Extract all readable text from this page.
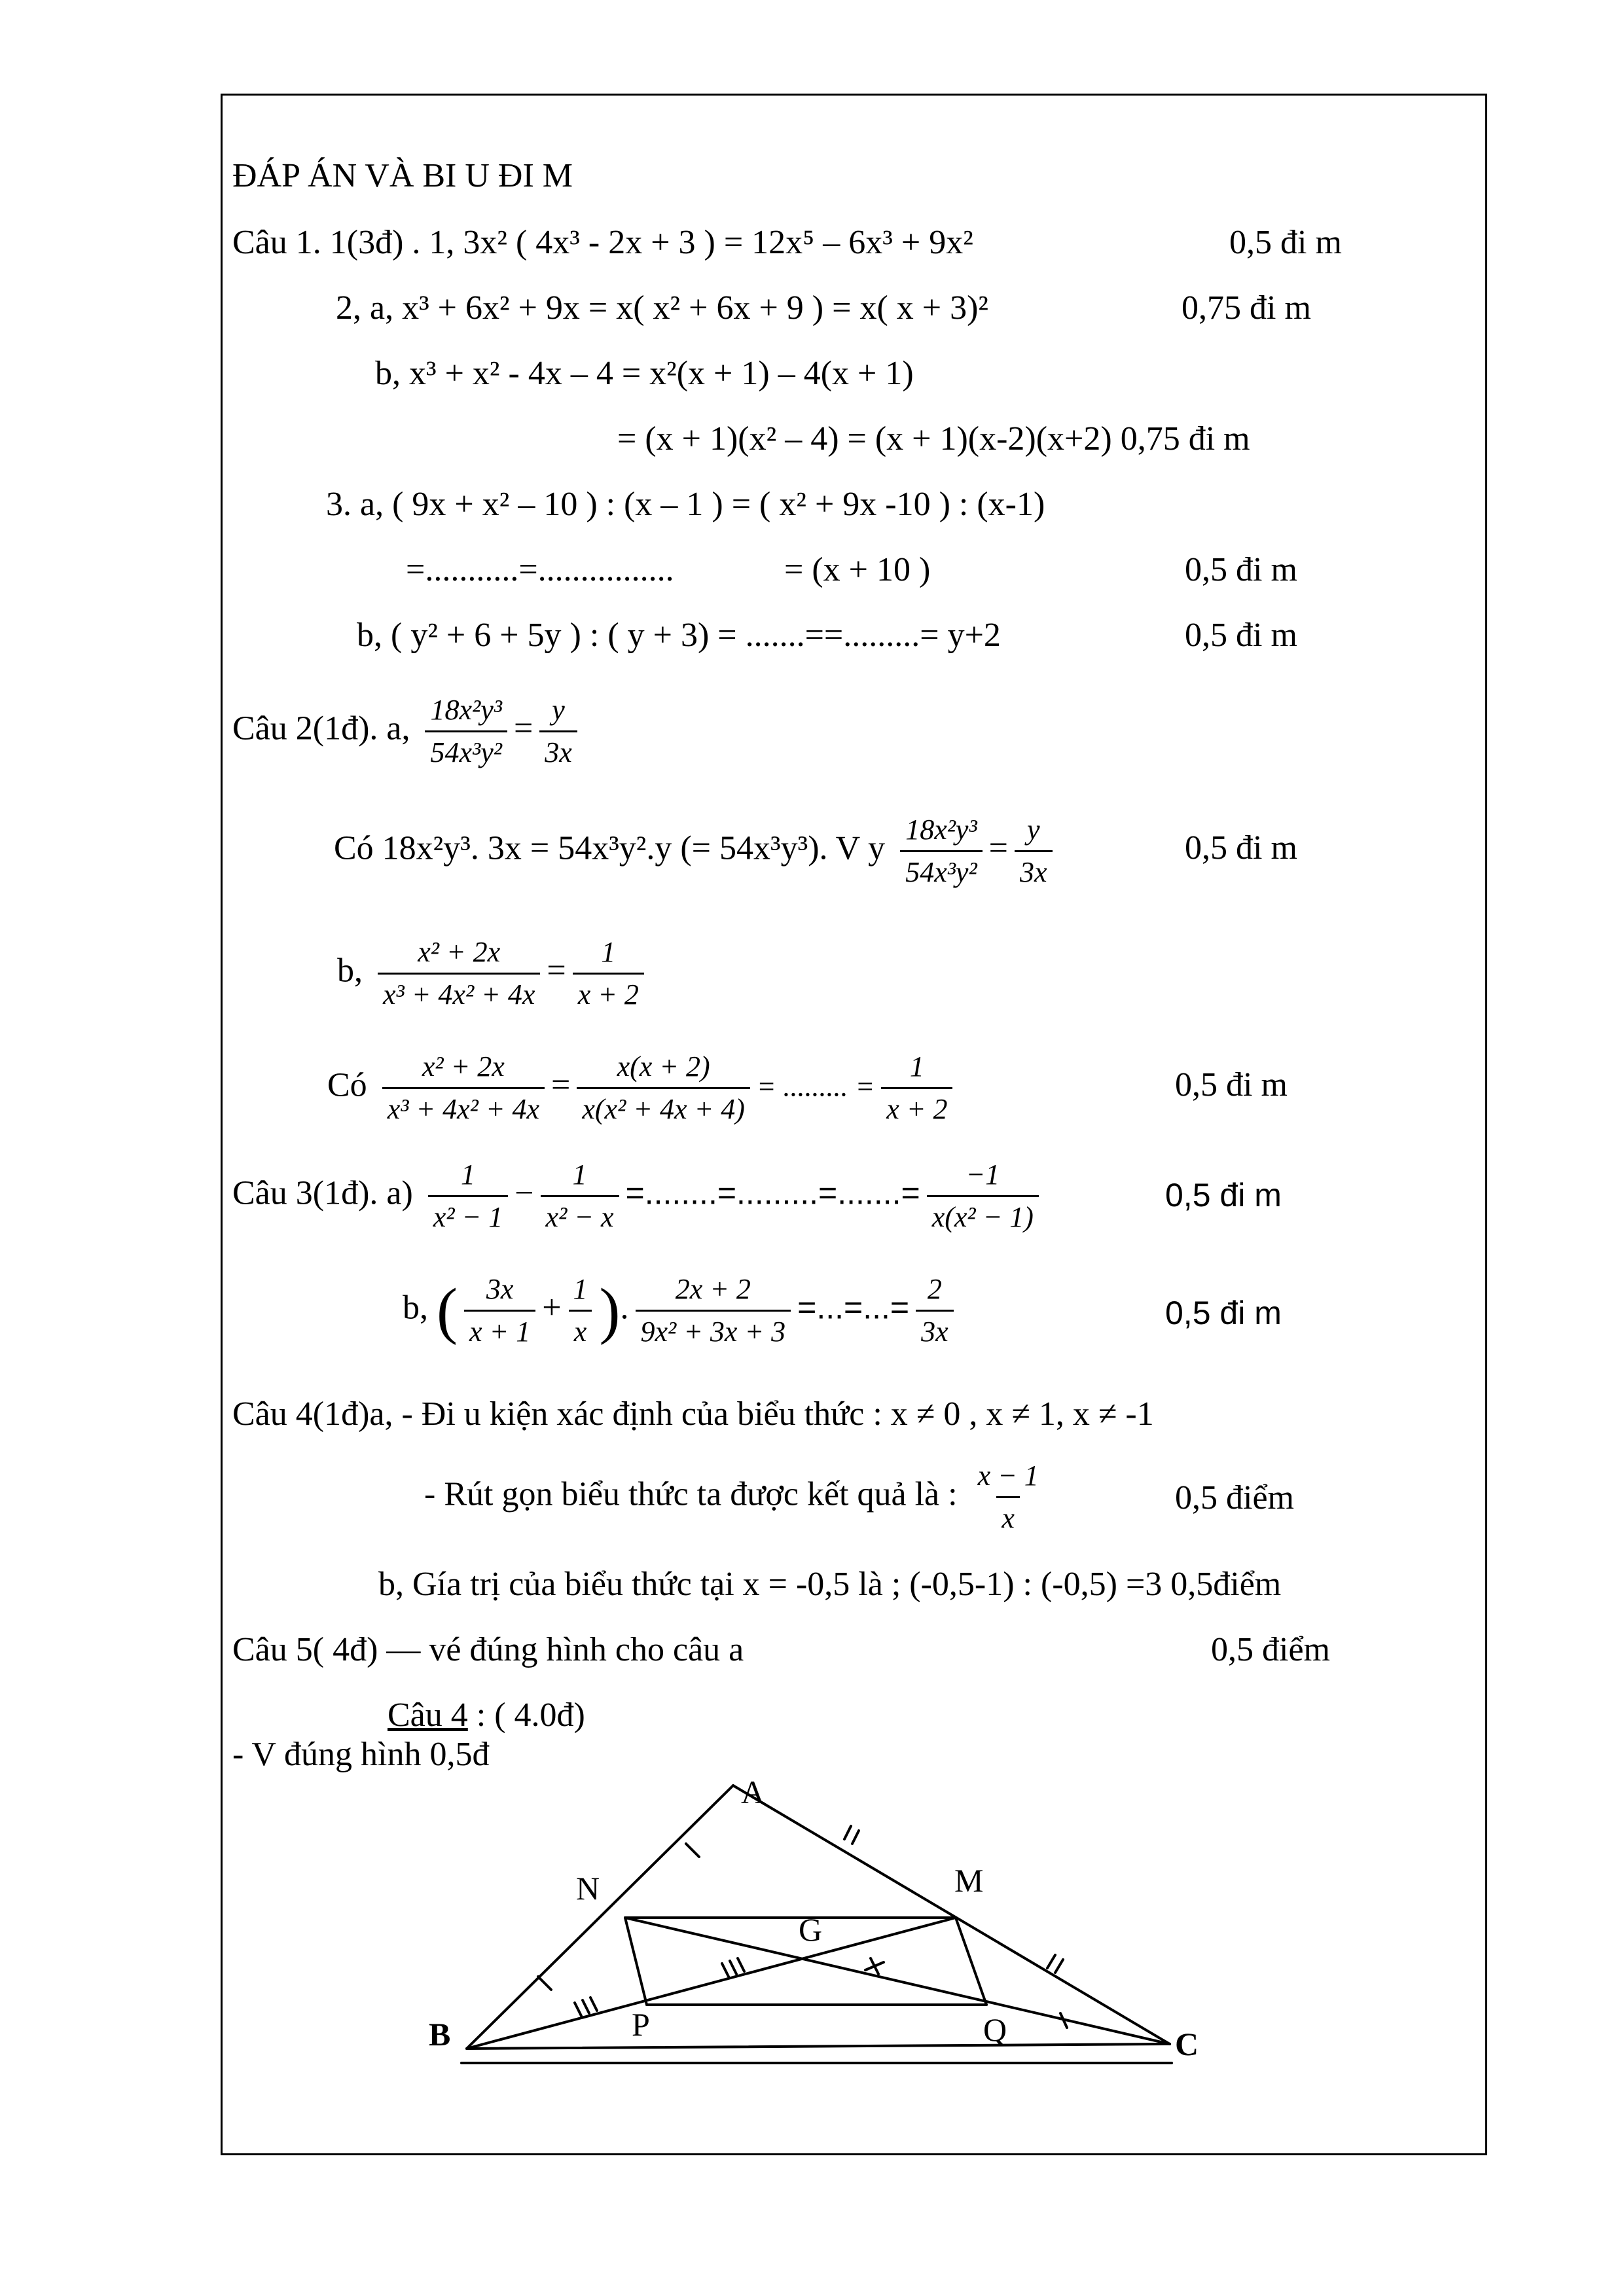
ĐÁP ÁN VÀ BI U ĐI M
Câu 1. 1(3đ) . 1, 3x² ( 4x³ - 2x + 3 ) = 12x⁵ – 6x³ + 9x²	0,5 đi m
2, a, x³ + 6x² + 9x = x( x² + 6x + 9 ) = x( x + 3)²	0,75 đi m
b, x³ + x² - 4x – 4 = x²(x + 1) – 4(x + 1)
= (x + 1)(x² – 4) = (x + 1)(x-2)(x+2) 0,75 đi m
3. a, ( 9x + x² – 10 ) : (x – 1 ) = ( x² + 9x -10 ) : (x-1)
=...........=................	= (x + 10 )	0,5 đi m
b, ( y² + 6 + 5y ) : ( y + 3) = .......==.........= y+2	0,5 đi m
Câu 2(1đ). a, $\frac{\text{18x²y³}}{\text{54x³y²}} = \frac{y}{3x}$
Có 18x²y³. 3x = 54x³y².y (= 54x³y³). V y $\frac{\text{18x²y³}}{\text{54x³y²}} = \frac{y}{3x}$	0,5 đi m
b, $\frac{\text{x² + 2x}}{\text{x³ + 4x² + 4x}} = \frac{1}{x + 2}$
Có $\frac{\text{x² + 2x}}{\text{x³ + 4x² + 4x}} = \frac{x(x + 2)}{\text{x(x² + 4x + 4)}}$ = ......... = $\frac{1}{x + 2}$	0,5 đi m
Câu 3(1đ). $a) \frac{1}{\text{x² − 1}} - \frac{1}{\text{x² − x}}$ =........=.........=.......= $\frac{-1}{\text{x(x² − 1)}}$	0,5 đi m
b, ( $\frac{3x}{x + 1} + \frac{1}{x}$ ). $\frac{2x + 2}{\text{9x² + 3x + 3}}$ =...=...= $\frac{2}{3x}$	0,5 đi m
Câu 4(1đ)a, - Đi u kiện xác định của biểu thức : x ≠ 0 , x ≠ 1, x ≠ -1
- Rút gọn biểu thức ta được kết quả là : $\frac{x - 1}{x}$	0,5 điểm
b, Gía trị của biểu thức tại x = -0,5 là ; (-0,5-1) : (-0,5) =3 0,5điểm
Câu 5( 4đ) — vé đúng hình cho câu a	0,5 điểm
Câu 4 : ( 4.0đ)
- V đúng hình 0,5đ
A
B	C
M
N
G
P	Q
